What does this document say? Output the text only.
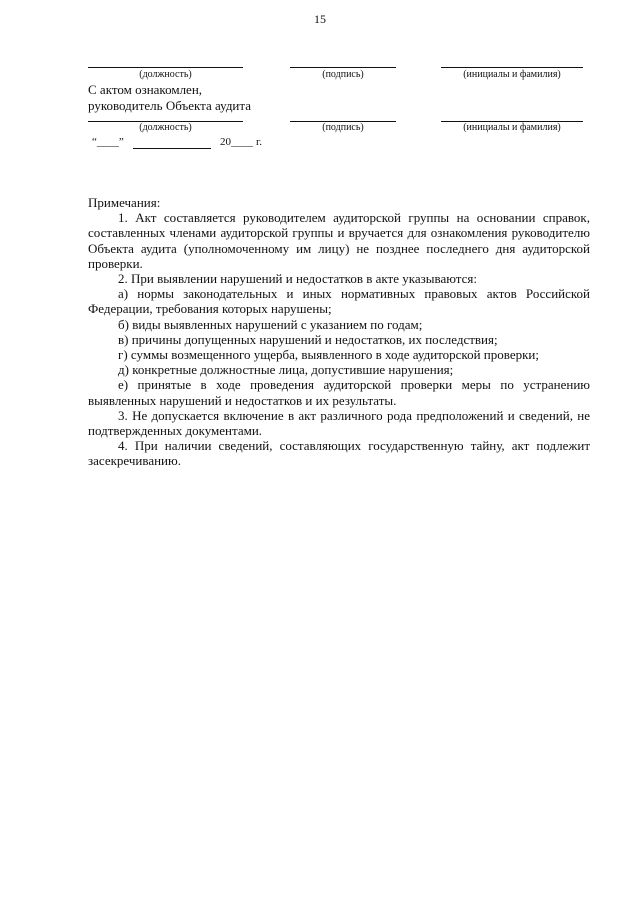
15
(должность)	(подпись)	(инициалы и фамилия)
С актом ознакомлен,
руководитель Объекта аудита
(должность)	(подпись)	(инициалы и фамилия)
“____”	20____ г.

Примечания:

1. Акт составляется руководителем аудиторской группы на основании справок, составленных членами аудиторской группы и вручается для ознакомления руководителю Объекта аудита (уполномоченному им лицу) не позднее последнего дня аудиторской проверки.

2. При выявлении нарушений и недостатков в акте указываются:

а) нормы законодательных и иных нормативных правовых актов Российской Федерации, требования которых нарушены;

б) виды выявленных нарушений с указанием по годам;

в) причины допущенных нарушений и недостатков, их последствия;

г) суммы возмещенного ущерба, выявленного в ходе аудиторской проверки;

д) конкретные должностные лица, допустившие нарушения;

е) принятые в ходе проведения аудиторской проверки меры по устранению выявленных нарушений и недостатков и их результаты.

3. Не допускается включение в акт различного рода предположений и сведений, не подтвержденных документами.

4. При наличии сведений, составляющих государственную тайну, акт подлежит засекречиванию.
